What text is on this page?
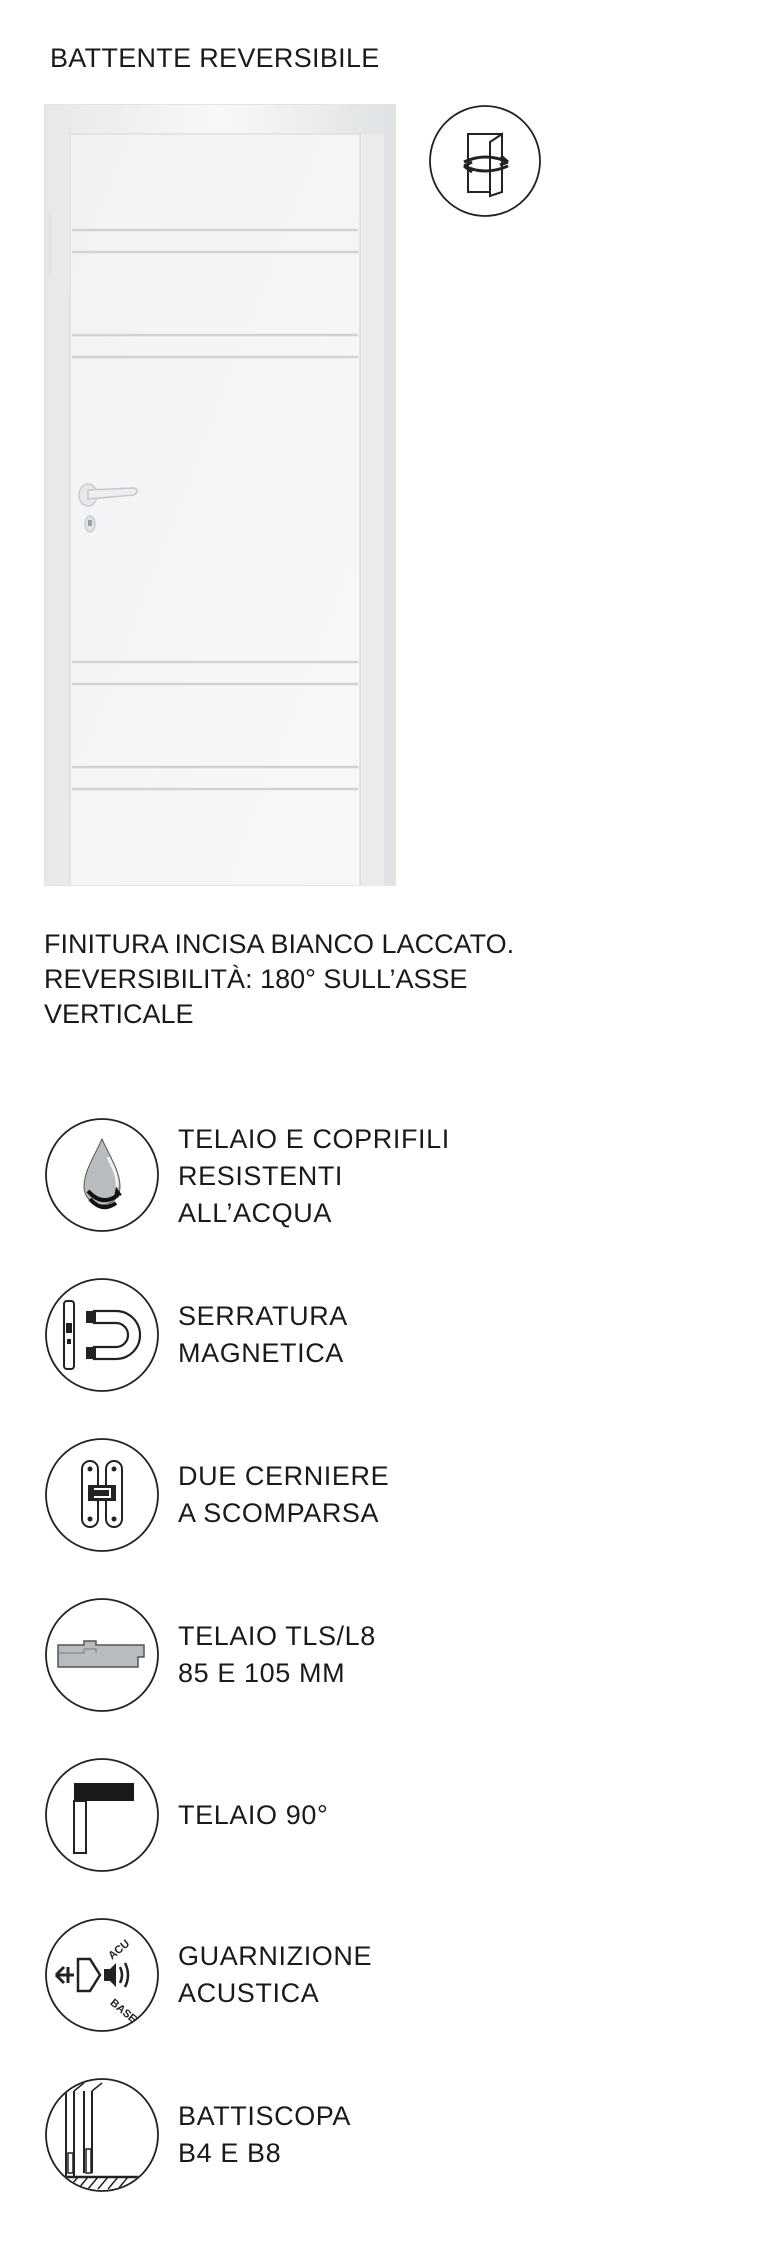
BATTENTE REVERSIBILE
FINITURA INCISA BIANCO LACCATO.
REVERSIBILITÀ: 180° SULL’ASSE
VERTICALE
TELAIO E COPRIFILI
RESISTENTI
ALL’ACQUA
SERRATURA
MAGNETICA
DUE CERNIERE
A SCOMPARSA
TELAIO TLS/L8
85 E 105 MM
TELAIO 90°
ACU
BASE
GUARNIZIONE
ACUSTICA
BATTISCOPA
B4 E B8
